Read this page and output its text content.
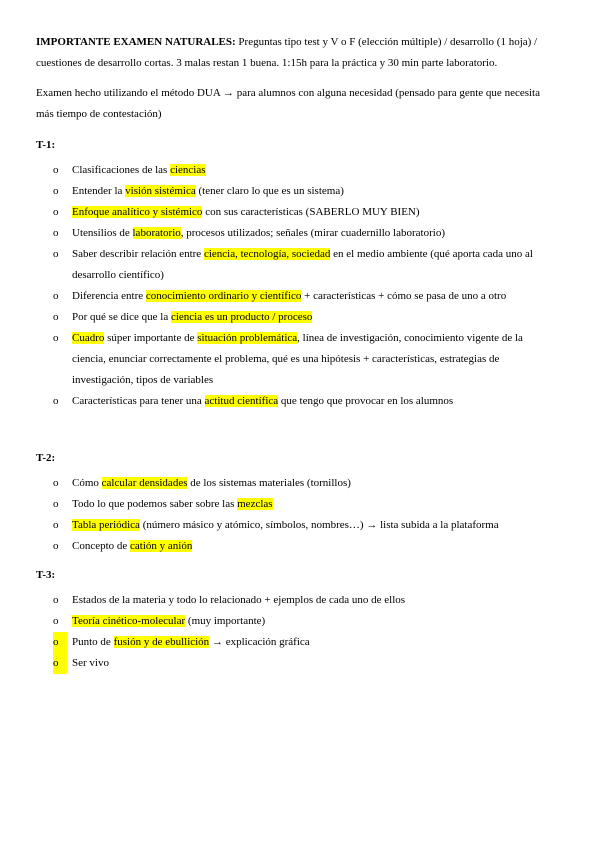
IMPORTANTE EXAMEN NATURALES: Preguntas tipo test y V o F (elección múltiple) / desarrollo (1 hoja) / cuestiones de desarrollo cortas. 3 malas restan 1 buena. 1:15h para la práctica y 30 min parte laboratorio.

Examen hecho utilizando el método DUA → para alumnos con alguna necesidad (pensado para gente que necesita más tiempo de contestación)

T-1:

o Clasificaciones de las ciencias
o Entender la visión sistémica (tener claro lo que es un sistema)
o Enfoque analítico y sistémico con sus características (SABERLO MUY BIEN)
o Utensilios de laboratorio, procesos utilizados; señales (mirar cuadernillo laboratorio)
o Saber describir relación entre ciencia, tecnología, sociedad en el medio ambiente (qué aporta cada uno al desarrollo científico)
o Diferencia entre conocimiento ordinario y científico + características + cómo se pasa de uno a otro
o Por qué se dice que la ciencia es un producto / proceso
o Cuadro súper importante de situación problemática, línea de investigación, conocimiento vigente de la ciencia, enunciar correctamente el problema, qué es una hipótesis + características, estrategias de investigación, tipos de variables
o Características para tener una actitud científica que tengo que provocar en los alumnos

T-2:

o Cómo calcular densidades de los sistemas materiales (tornillos)
o Todo lo que podemos saber sobre las mezclas
o Tabla periódica (número másico y atómico, símbolos, nombres…) → lista subida a la plataforma
o Concepto de catión y anión

T-3:

o Estados de la materia y todo lo relacionado + ejemplos de cada uno de ellos
o Teoría cinético-molecular (muy importante)
o	Punto de fusión y de ebullición → explicación gráfica
o	Ser vivo
